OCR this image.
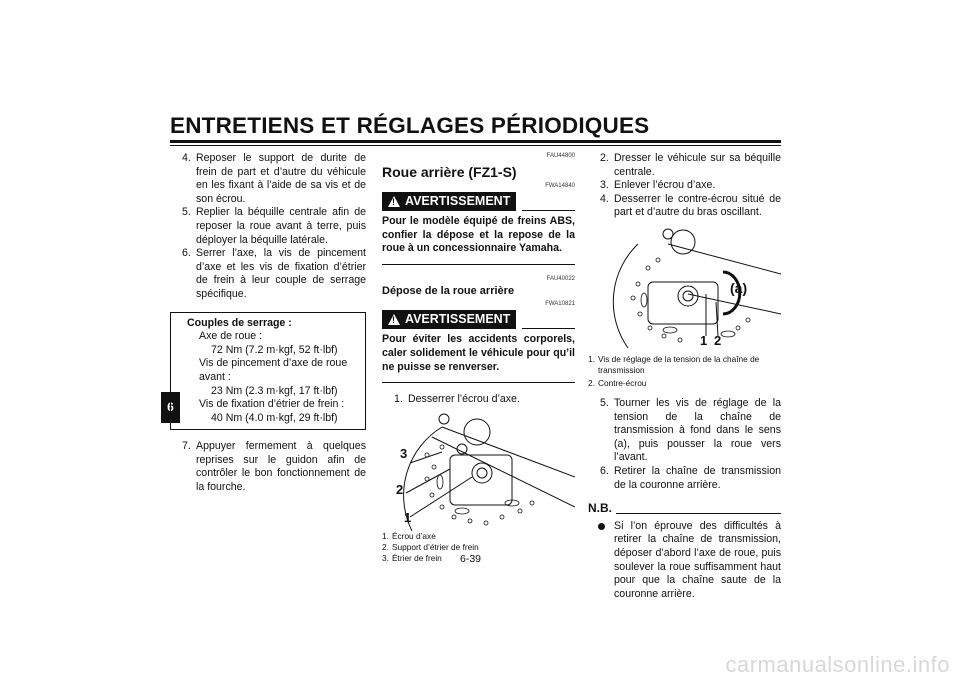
ENTRETIENS ET RÉGLAGES PÉRIODIQUES
6
4. Reposer le support de durite de frein de part et d’autre du véhicule en les fixant à l’aide de sa vis et de son écrou.
5. Replier la béquille centrale afin de reposer la roue avant à terre, puis déployer la béquille latérale.
6. Serrer l’axe, la vis de pincement d’axe et les vis de fixation d’étrier de frein à leur couple de serrage spécifique.
Couples de serrage :
Axe de roue :
72 Nm (7.2 m·kgf, 52 ft·lbf)
Vis de pincement d’axe de roue avant :
23 Nm (2.3 m·kgf, 17 ft·lbf)
Vis de fixation d’étrier de frein :
40 Nm (4.0 m·kgf, 29 ft·lbf)
7. Appuyer fermement à quelques reprises sur le guidon afin de contrôler le bon fonctionnement de la fourche.
FAU44800
Roue arrière (FZ1-S)
FWA14840
! AVERTISSEMENT
Pour le modèle équipé de freins ABS, confier la dépose et la repose de la roue à un concessionnaire Yamaha.
FAU40022
Dépose de la roue arrière
FWA10821
! AVERTISSEMENT
Pour éviter les accidents corporels, caler solidement le véhicule pour qu’il ne puisse se renverser.
1. Desserrer l’écrou d’axe.
3
2
1
1. Écrou d’axe
2. Support d’étrier de frein
3. Étrier de frein
2. Dresser le véhicule sur sa béquille centrale.
3. Enlever l’écrou d’axe.
4. Desserrer le contre-écrou situé de part et d’autre du bras oscillant.
(a)
1 2
1. Vis de réglage de la tension de la chaîne de transmission
2. Contre-écrou
5. Tourner les vis de réglage de la tension de la chaîne de transmission à fond dans le sens (a), puis pousser la roue vers l’avant.
6. Retirer la chaîne de transmission de la couronne arrière.
N.B.
Si l’on éprouve des difficultés à retirer la chaîne de transmission, déposer d’abord l’axe de roue, puis soulever la roue suffisamment haut pour que la chaîne saute de la couronne arrière.
6-39
carmanualsonline.info
